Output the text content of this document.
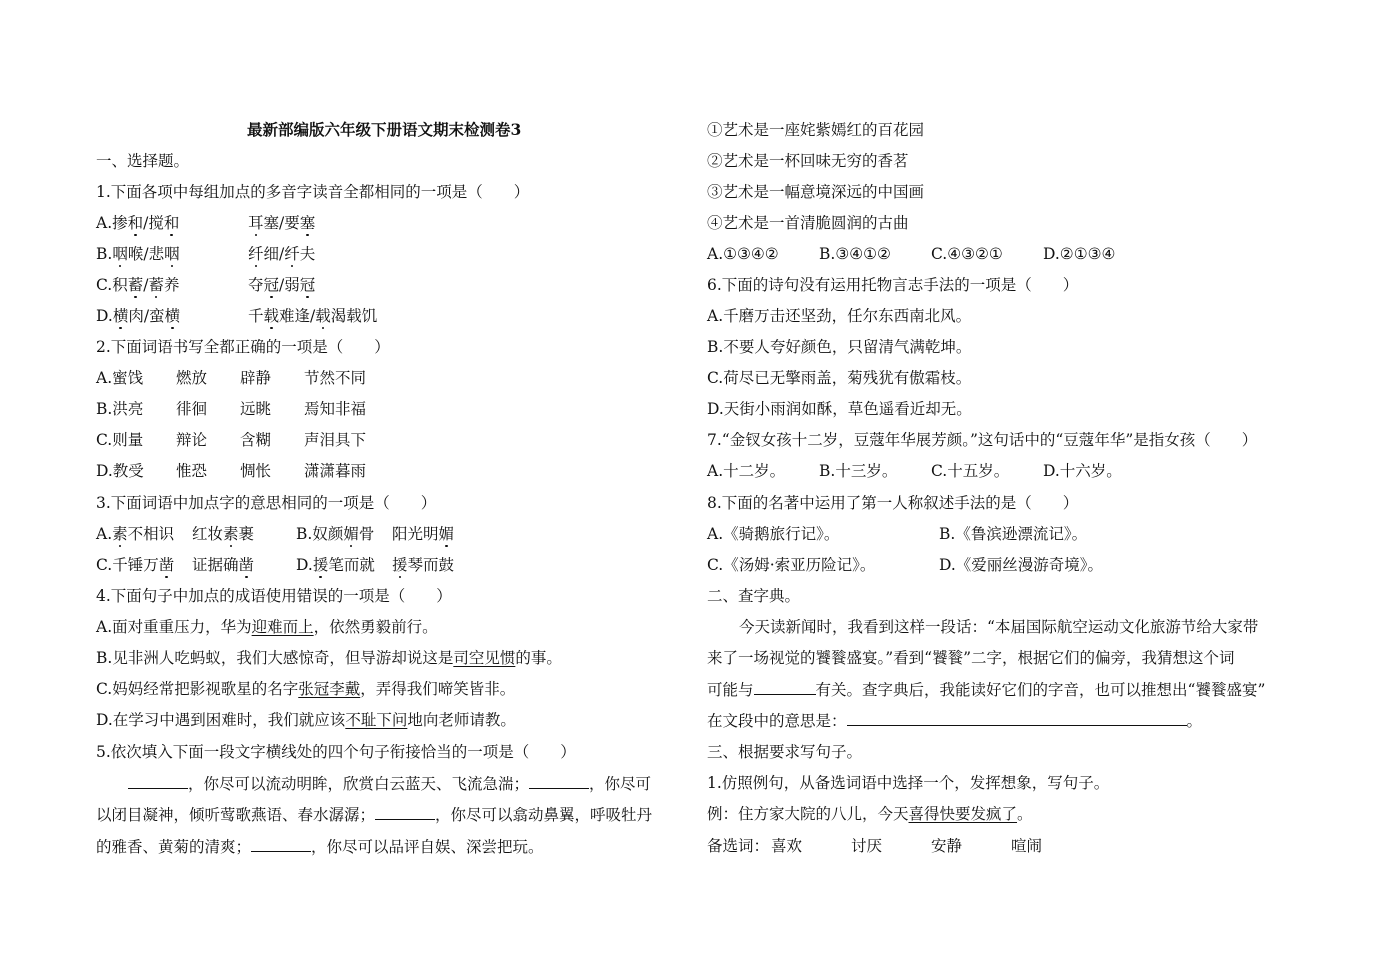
最新部编版六年级下册语文期末检测卷3
一、选择题。
1.下面各项中每组加点的多音字读音全都相同的一项是（　　）
A.掺和/搅和	耳塞/要塞
B.咽喉/悲咽	纤细/纤夫
C.积蓄/蓄养	夺冠/弱冠
D.横肉/蛮横	千载难逢/载渴载饥
2.下面词语书写全都正确的一项是（　　）
A.蜜饯 燃放 辟静 节然不同
B.洪亮 徘徊 远眺 焉知非福
C.则量 辩论 含糊 声泪具下
D.教受 惟恐 惆怅 潇潇暮雨
3.下面词语中加点字的意思相同的一项是（　　）
A.素不相识 红妆素裹	B.奴颜媚骨 阳光明媚
C.千锤万凿 证据确凿	D.援笔而就 援琴而鼓
4.下面句子中加点的成语使用错误的一项是（　　）
A.面对重重压力，华为迎难而上，依然勇毅前行。
B.见非洲人吃蚂蚁，我们大感惊奇，但导游却说这是司空见惯的事。
C.妈妈经常把影视歌星的名字张冠李戴，弄得我们啼笑皆非。
D.在学习中遇到困难时，我们就应该不耻下问地向老师请教。
5.依次填入下面一段文字横线处的四个句子衔接恰当的一项是（　　）
，你尽可以流动明眸，欣赏白云蓝天、飞流急湍；	，你尽可
以闭目凝神，倾听莺歌燕语、春水潺潺；	，你尽可以翕动鼻翼，呼吸牡丹
的雅香、黄菊的清爽；	，你尽可以品评自娱、深尝把玩。
①艺术是一座姹紫嫣红的百花园
②艺术是一杯回味无穷的香茗
③艺术是一幅意境深远的中国画
④艺术是一首清脆圆润的古曲
A.①③④②	B.③④①②	C.④③②①	D.②①③④
6.下面的诗句没有运用托物言志手法的一项是（　　）
A.千磨万击还坚劲，任尔东西南北风。
B.不要人夸好颜色，只留清气满乾坤。
C.荷尽已无擎雨盖，菊残犹有傲霜枝。
D.天街小雨润如酥，草色遥看近却无。
7.“金钗女孩十二岁，豆蔻年华展芳颜。”这句话中的“豆蔻年华”是指女孩（　　）
A.十二岁。 B.十三岁。 C.十五岁。 D.十六岁。
8.下面的名著中运用了第一人称叙述手法的是（　　）
A.《骑鹅旅行记》。	B.《鲁滨逊漂流记》。
C.《汤姆·索亚历险记》。	D.《爱丽丝漫游奇境》。
二、查字典。
今天读新闻时，我看到这样一段话：“本届国际航空运动文化旅游节给大家带
来了一场视觉的饕餮盛宴。”看到“饕餮”二字，根据它们的偏旁，我猜想这个词
可能与	有关。查字典后，我能读好它们的字音，也可以推想出“饕餮盛宴”
在文段中的意思是：	。
三、根据要求写句子。
1.仿照例句，从备选词语中选择一个，发挥想象，写句子。
例：住方家大院的八儿，今天喜得快要发疯了。
备选词： 喜欢	讨厌	安静	喧闹
